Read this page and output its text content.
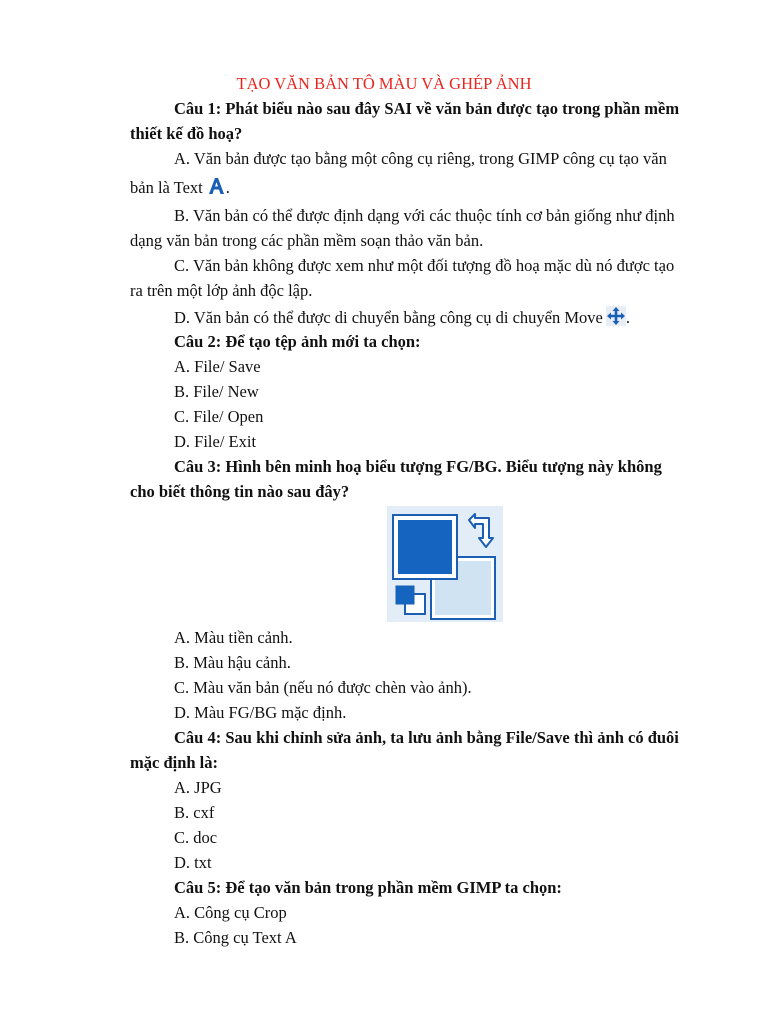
TẠO VĂN BẢN TÔ MÀU VÀ GHÉP ẢNH
Câu 1: Phát biểu nào sau đây SAI về văn bản được tạo trong phần mềm
thiết kế đồ hoạ?
A. Văn bản được tạo bằng một công cụ riêng, trong GIMP công cụ tạo văn
bản là Text .
B. Văn bản có thể được định dạng với các thuộc tính cơ bản giống như định
dạng văn bản trong các phần mềm soạn thảo văn bản.
C. Văn bản không được xem như một đối tượng đồ hoạ mặc dù nó được tạo
ra trên một lớp ảnh độc lập.
D. Văn bản có thể được di chuyển bằng công cụ di chuyển Move .
Câu 2: Để tạo tệp ảnh mới ta chọn:
A. File/ Save
B. File/ New
C. File/ Open
D. File/ Exit
Câu 3: Hình bên minh hoạ biểu tượng FG/BG. Biểu tượng này không
cho biết thông tin nào sau đây?
A. Màu tiền cảnh.
B. Màu hậu cảnh.
C. Màu văn bản (nếu nó được chèn vào ảnh).
D. Màu FG/BG mặc định.
Câu 4: Sau khi chỉnh sửa ảnh, ta lưu ảnh bằng File/Save thì ảnh có đuôi
mặc định là:
A. JPG
B. cxf
C. doc
D. txt
Câu 5: Để tạo văn bản trong phần mềm GIMP ta chọn:
A. Công cụ Crop
B. Công cụ Text A
